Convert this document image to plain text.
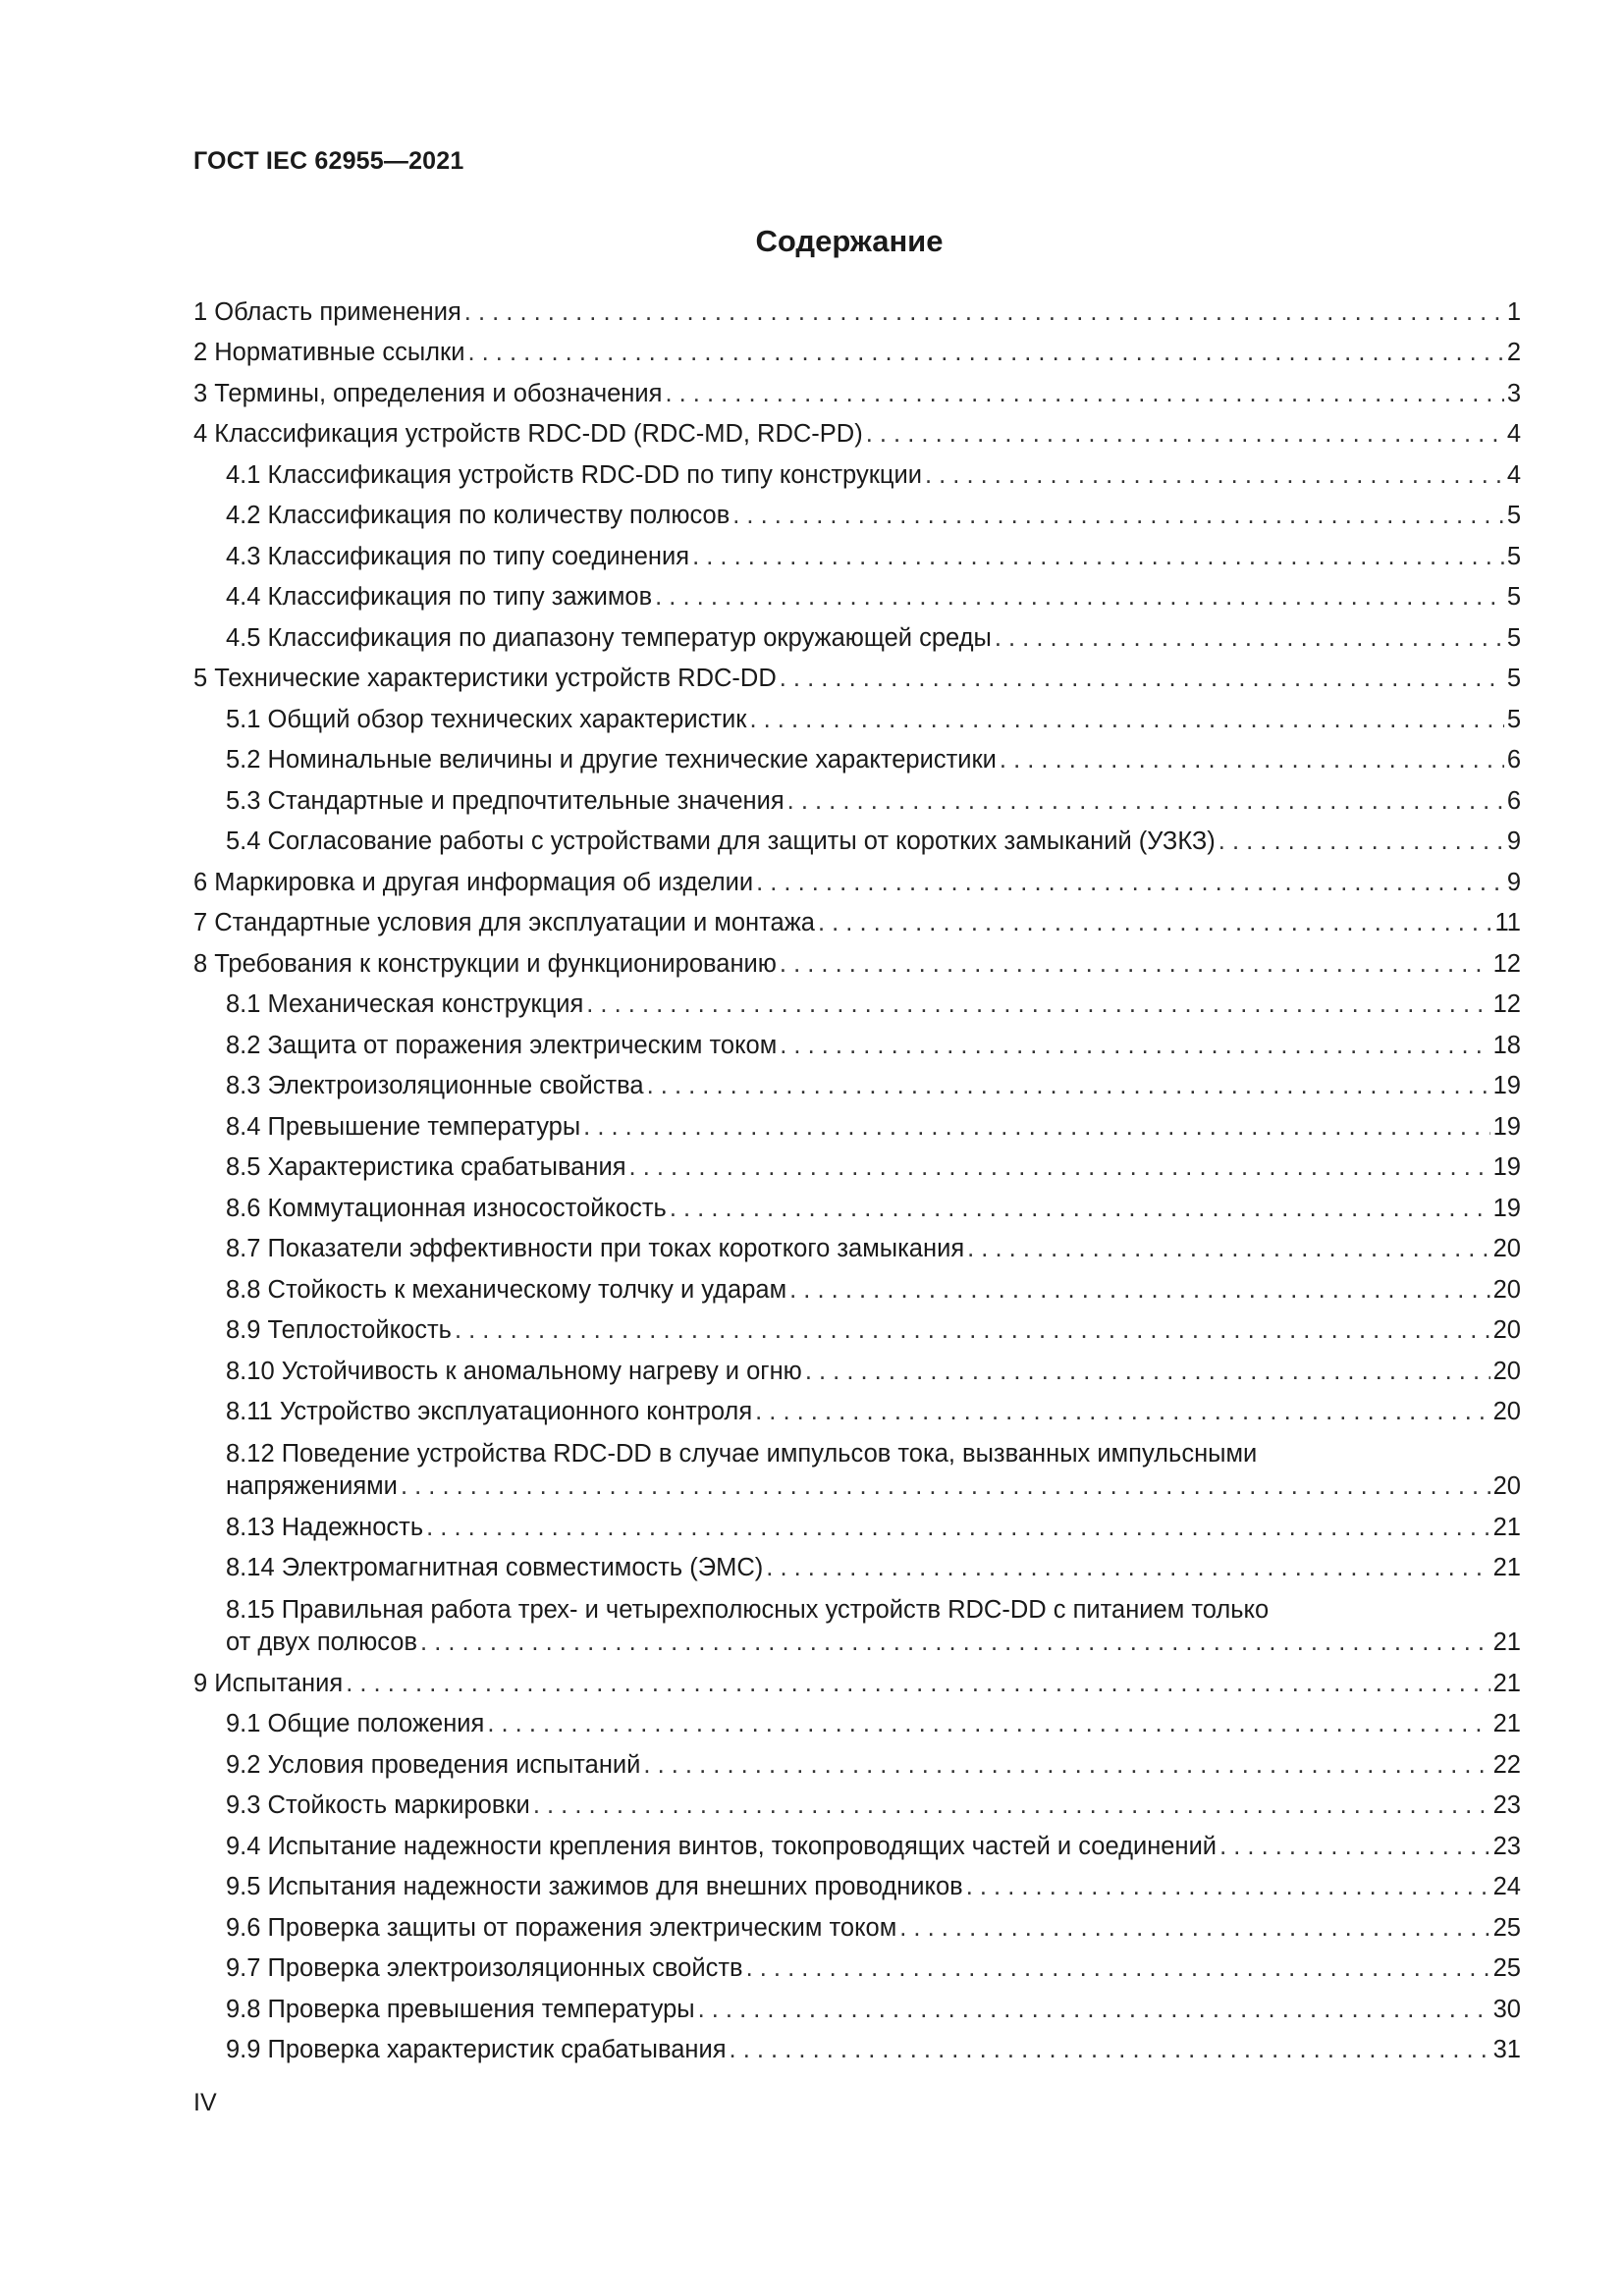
ГОСТ IEC 62955—2021
Содержание
1 Область применения . . .	1
2 Нормативные ссылки . . .	2
3 Термины, определения и обозначения . . .	3
4 Классификация устройств RDC-DD (RDC-MD, RDC-PD) . . .	4
4.1 Классификация устройств RDC-DD по типу конструкции . . .	4
4.2 Классификация по количеству полюсов . . .	5
4.3 Классификация по типу соединения . . .	5
4.4 Классификация по типу зажимов . . .	5
4.5 Классификация по диапазону температур окружающей среды . . .	5
5 Технические характеристики устройств RDC-DD . . .	5
5.1 Общий обзор технических характеристик . . .	5
5.2 Номинальные величины и другие технические характеристики . . .	6
5.3 Стандартные и предпочтительные значения . . .	6
5.4 Согласование работы с устройствами для защиты от коротких замыканий (УЗКЗ) . . .	9
6 Маркировка и другая информация об изделии . . .	9
7 Стандартные условия для эксплуатации и монтажа . . .	11
8 Требования к конструкции и функционированию . . .	12
8.1 Механическая конструкция . . .	12
8.2 Защита от поражения электрическим током . . .	18
8.3 Электроизоляционные свойства . . .	19
8.4 Превышение температуры . . .	19
8.5 Характеристика срабатывания . . .	19
8.6 Коммутационная износостойкость . . .	19
8.7 Показатели эффективности при токах короткого замыкания . . .	20
8.8 Стойкость к механическому толчку и ударам . . .	20
8.9 Теплостойкость . . .	20
8.10 Устойчивость к аномальному нагреву и огню . . .	20
8.11 Устройство эксплуатационного контроля . . .	20
8.12 Поведение устройства RDC-DD в случае импульсов тока, вызванных импульсными
напряжениями . . .	20
8.13 Надежность . . .	21
8.14 Электромагнитная совместимость (ЭМС) . . .	21
8.15 Правильная работа трех- и четырехполюсных устройств RDC-DD с питанием только
от двух полюсов . . .	21
9 Испытания . . .	21
9.1 Общие положения . . .	21
9.2 Условия проведения испытаний . . .	22
9.3 Стойкость маркировки . . .	23
9.4 Испытание надежности крепления винтов, токопроводящих частей и соединений . . .	23
9.5 Испытания надежности зажимов для внешних проводников . . .	24
9.6 Проверка защиты от поражения электрическим током . . .	25
9.7 Проверка электроизоляционных свойств . . .	25
9.8 Проверка превышения температуры . . .	30
9.9 Проверка характеристик срабатывания . . .	31
IV
